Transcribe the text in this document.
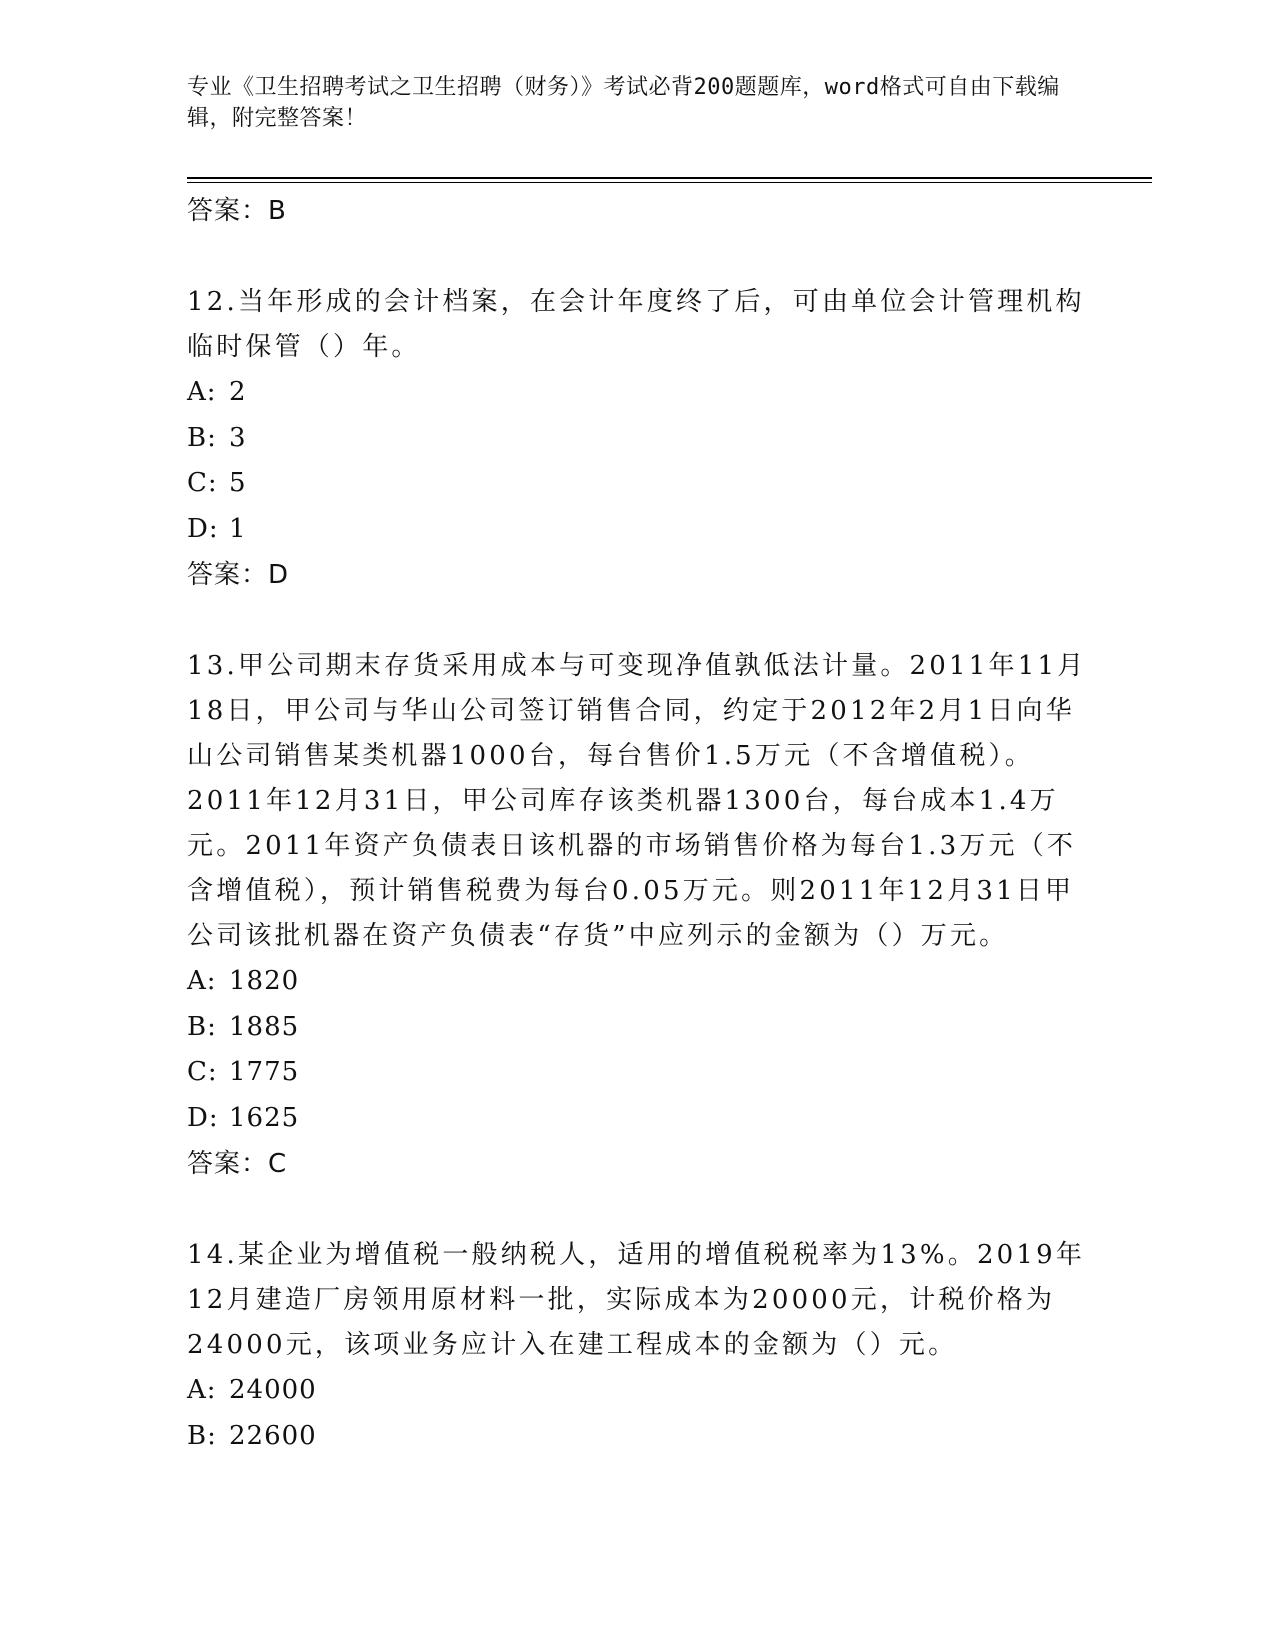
专业《卫生招聘考试之卫生招聘（财务）》考试必背200题题库，word格式可自由下载编辑，附完整答案！
答案：B
12.当年形成的会计档案，在会计年度终了后，可由单位会计管理机构临时保管（）年。
A: 2
B: 3
C: 5
D: 1
答案：D
13.甲公司期末存货采用成本与可变现净值孰低法计量。2011年11月18日，甲公司与华山公司签订销售合同，约定于2012年2月1日向华山公司销售某类机器1000台，每台售价1.5万元（不含增值税）。2011年12月31日，甲公司库存该类机器1300台，每台成本1.4万元。2011年资产负债表日该机器的市场销售价格为每台1.3万元（不含增值税），预计销售税费为每台0.05万元。则2011年12月31日甲公司该批机器在资产负债表“存货”中应列示的金额为（）万元。
A: 1820
B: 1885
C: 1775
D: 1625
答案：C
14.某企业为增值税一般纳税人，适用的增值税税率为13%。2019年12月建造厂房领用原材料一批，实际成本为20000元，计税价格为24000元，该项业务应计入在建工程成本的金额为（）元。
A: 24000
B: 22600
